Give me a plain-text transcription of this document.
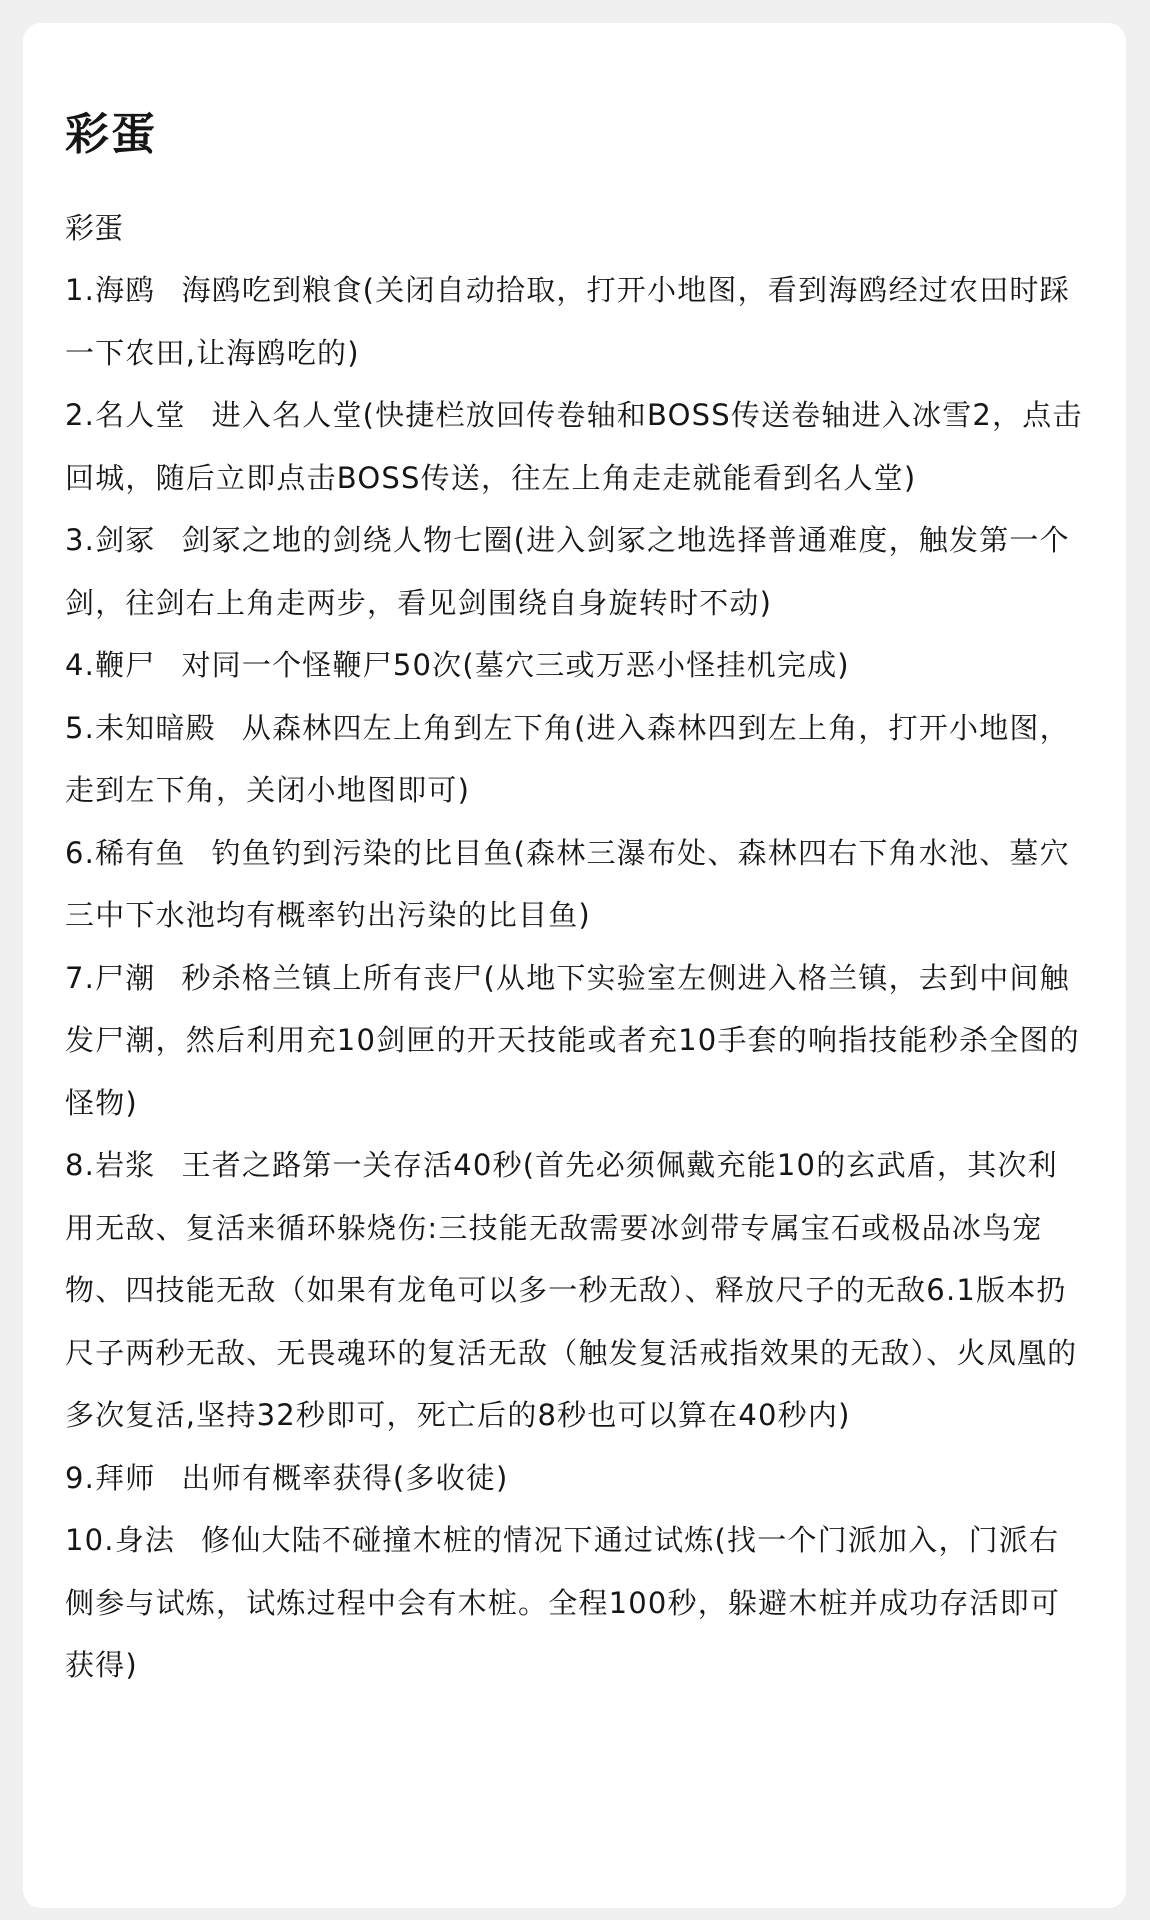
彩蛋
彩蛋

1.海鸥 海鸥吃到粮食(关闭自动拾取，打开小地图，看到海鸥经过农田时踩一下农田,让海鸥吃的)

2.名人堂 进入名人堂(快捷栏放回传卷轴和BOSS传送卷轴进入冰雪2，点击回城，随后立即点击BOSS传送，往左上角走走就能看到名人堂)

3.剑冢 剑冢之地的剑绕人物七圈(进入剑冢之地选择普通难度，触发第一个剑，往剑右上角走两步，看见剑围绕自身旋转时不动)

4.鞭尸 对同一个怪鞭尸50次(墓穴三或万恶小怪挂机完成)

5.未知暗殿 从森林四左上角到左下角(进入森林四到左上角，打开小地图，走到左下角，关闭小地图即可)

6.稀有鱼 钓鱼钓到污染的比目鱼(森林三瀑布处、森林四右下角水池、墓穴三中下水池均有概率钓出污染的比目鱼)

7.尸潮 秒杀格兰镇上所有丧尸(从地下实验室左侧进入格兰镇，去到中间触发尸潮，然后利用充10剑匣的开天技能或者充10手套的响指技能秒杀全图的怪物)

8.岩浆 王者之路第一关存活40秒(首先必须佩戴充能10的玄武盾，其次利用无敌、复活来循环躲烧伤:三技能无敌需要冰剑带专属宝石或极品冰鸟宠物、四技能无敌（如果有龙龟可以多一秒无敌）、释放尺子的无敌6.1版本扔尺子两秒无敌、无畏魂环的复活无敌（触发复活戒指效果的无敌）、火凤凰的多次复活,坚持32秒即可，死亡后的8秒也可以算在40秒内)

9.拜师 出师有概率获得(多收徒)

10.身法 修仙大陆不碰撞木桩的情况下通过试炼(找一个门派加入，门派右侧参与试炼，试炼过程中会有木桩。全程100秒，躲避木桩并成功存活即可获得)
